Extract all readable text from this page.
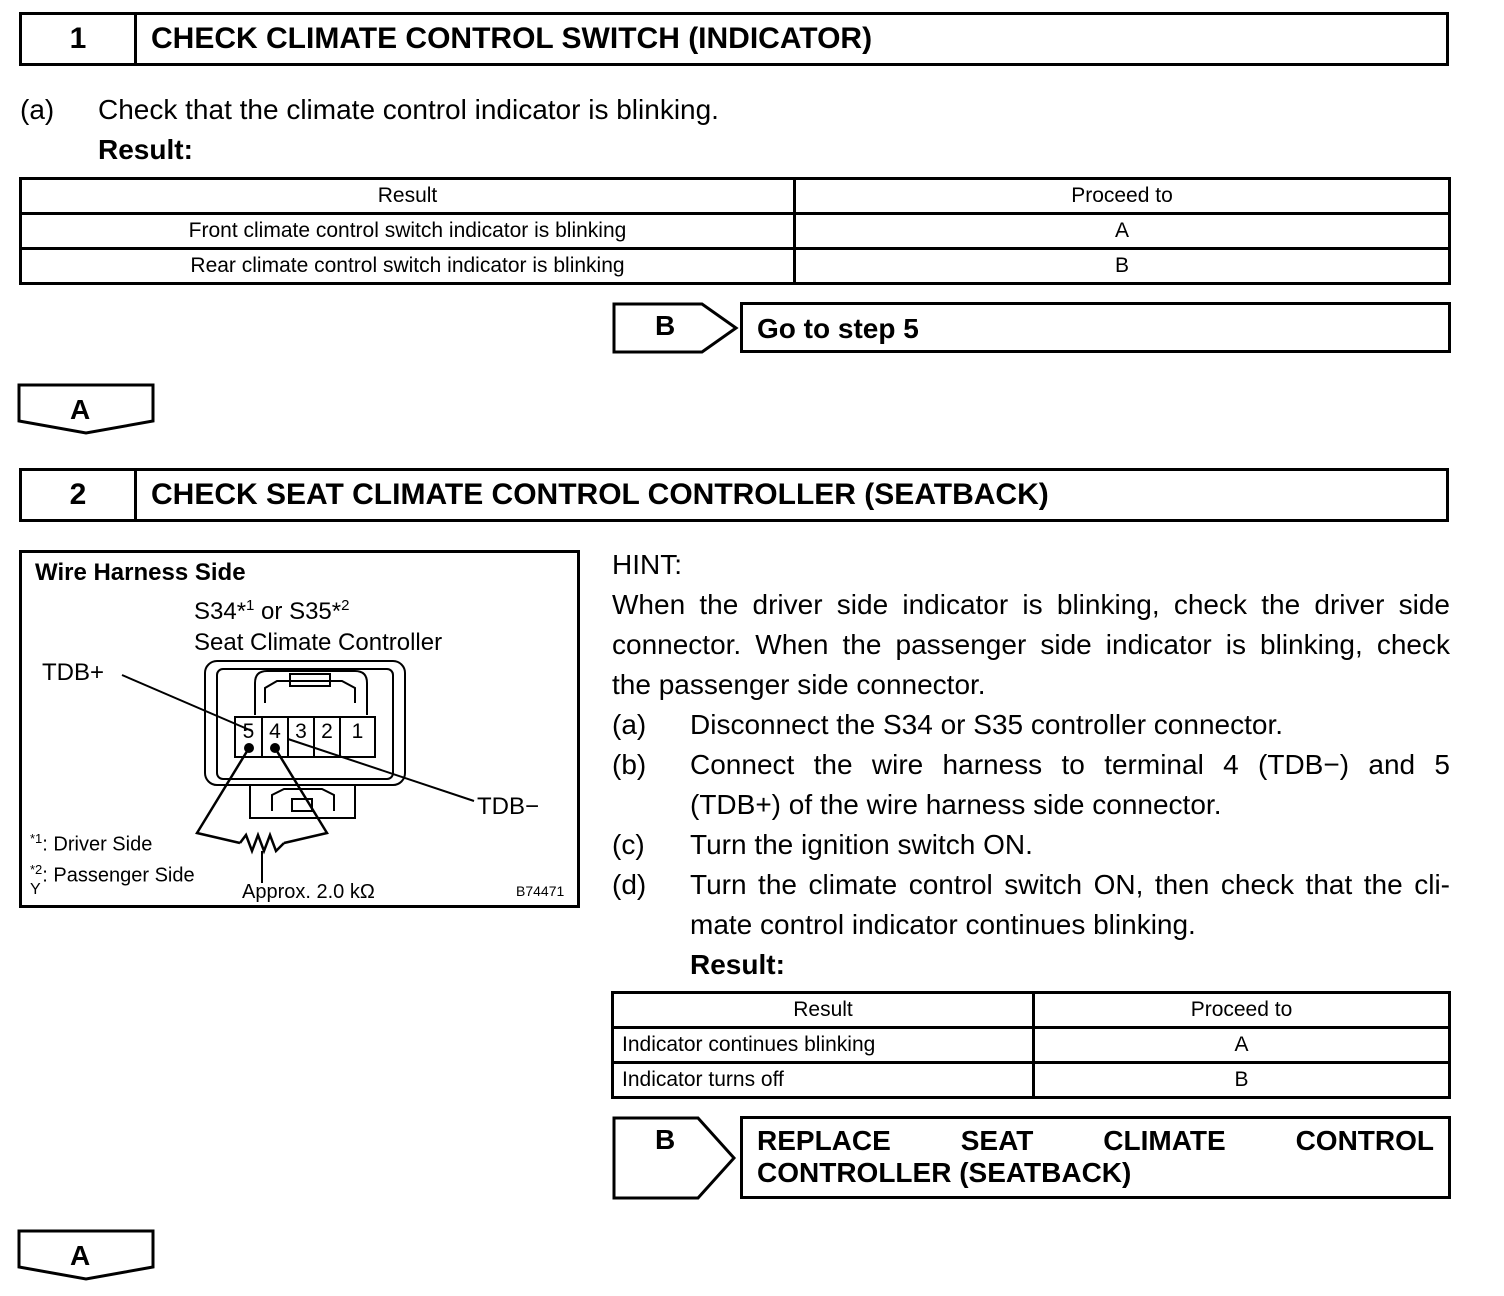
1	CHECK CLIMATE CONTROL SWITCH (INDICATOR)
(a) Check that the climate control indicator is blinking.
Result:
Result	Proceed to
Front climate control switch indicator is blinking	A
Rear climate control switch indicator is blinking	B
B	Go to step 5
A
2	CHECK SEAT CLIMATE CONTROL CONTROLLER (SEATBACK)
Wire Harness Side
S34*$^1$ or S35*$^2$
Seat Climate Controller
TDB+
TDB−
5 4 3 2 1
$^{*1}$: Driver Side
$^{*2}$: Passenger Side
Y	Approx. 2.0 kΩ	B74471
HINT:
When the driver side indicator is blinking, check the driver side
connector. When the passenger side indicator is blinking, check
the passenger side connector.
(a) Disconnect the S34 or S35 controller connector.
(b) Connect the wire harness to terminal 4 (TDB−) and 5
(TDB+) of the wire harness side connector.
(c) Turn the ignition switch ON.
(d) Turn the climate control switch ON, then check that the cli-
mate control indicator continues blinking.
Result:
Result	Proceed to
Indicator continues blinking	A
Indicator turns off	B
B	REPLACE SEAT CLIMATE CONTROL
CONTROLLER (SEATBACK)
A
